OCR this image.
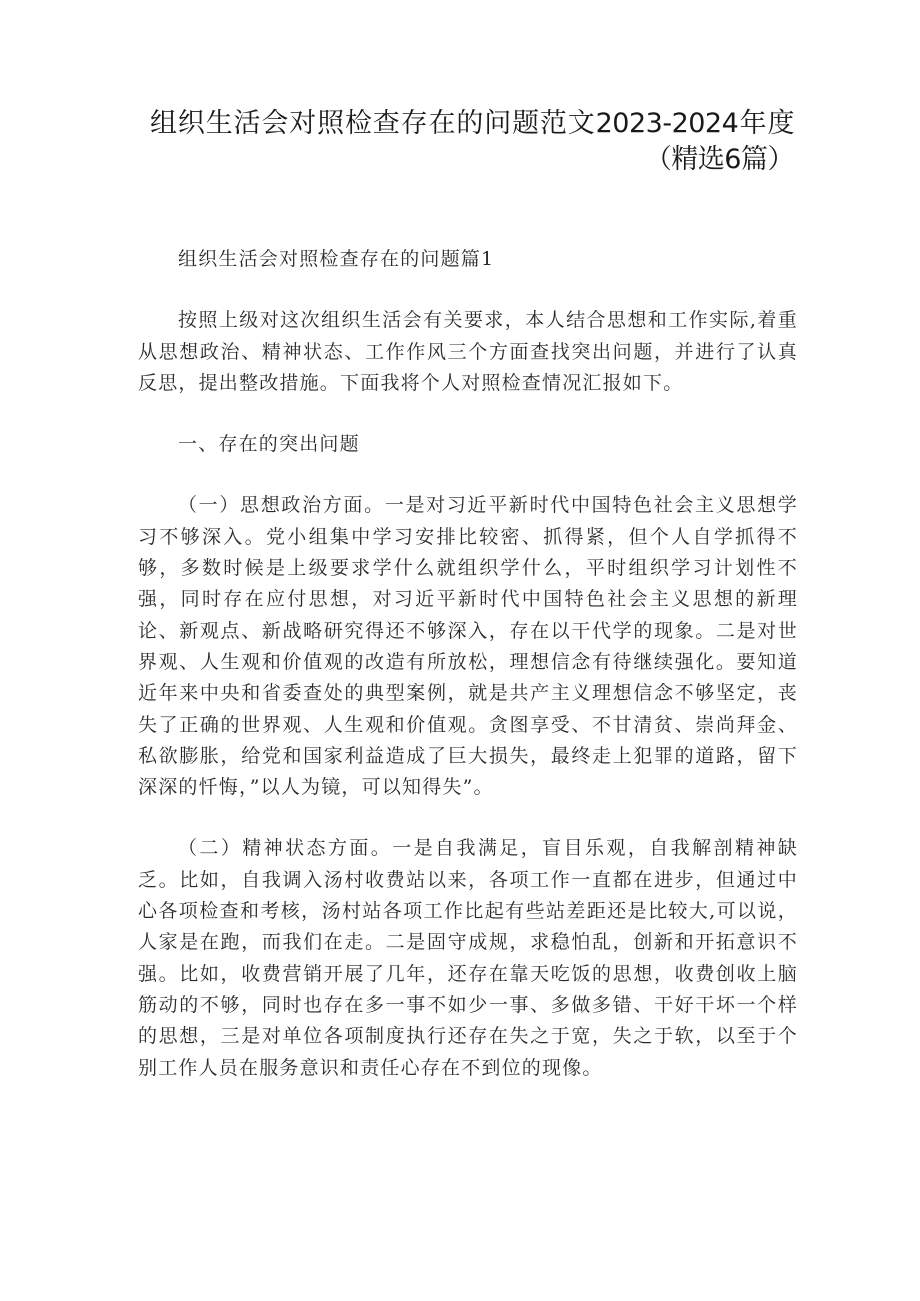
组织生活会对照检查存在的问题范文2023-2024年度（精选6篇）

组织生活会对照检查存在的问题篇1

按照上级对这次组织生活会有关要求，本人结合思想和工作实际,着重从思想政治、精神状态、工作作风三个方面查找突出问题，并进行了认真反思，提出整改措施。下面我将个人对照检查情况汇报如下。

一、存在的突出问题

（一）思想政治方面。一是对习近平新时代中国特色社会主义思想学习不够深入。党小组集中学习安排比较密、抓得紧，但个人自学抓得不够，多数时候是上级要求学什么就组织学什么，平时组织学习计划性不强，同时存在应付思想，对习近平新时代中国特色社会主义思想的新理论、新观点、新战略研究得还不够深入，存在以干代学的现象。二是对世界观、人生观和价值观的改造有所放松，理想信念有待继续强化。要知道近年来中央和省委查处的典型案例，就是共产主义理想信念不够坚定，丧失了正确的世界观、人生观和价值观。贪图享受、不甘清贫、崇尚拜金、私欲膨胀，给党和国家利益造成了巨大损失，最终走上犯罪的道路，留下深深的忏悔，”以人为镜，可以知得失”。

（二）精神状态方面。一是自我满足，盲目乐观，自我解剖精神缺乏。比如，自我调入汤村收费站以来，各项工作一直都在进步，但通过中心各项检查和考核，汤村站各项工作比起有些站差距还是比较大,可以说，人家是在跑，而我们在走。二是固守成规，求稳怕乱，创新和开拓意识不强。比如，收费营销开展了几年，还存在靠天吃饭的思想，收费创收上脑筋动的不够，同时也存在多一事不如少一事、多做多错、干好干坏一个样的思想，三是对单位各项制度执行还存在失之于宽，失之于软，以至于个别工作人员在服务意识和责任心存在不到位的现像。
